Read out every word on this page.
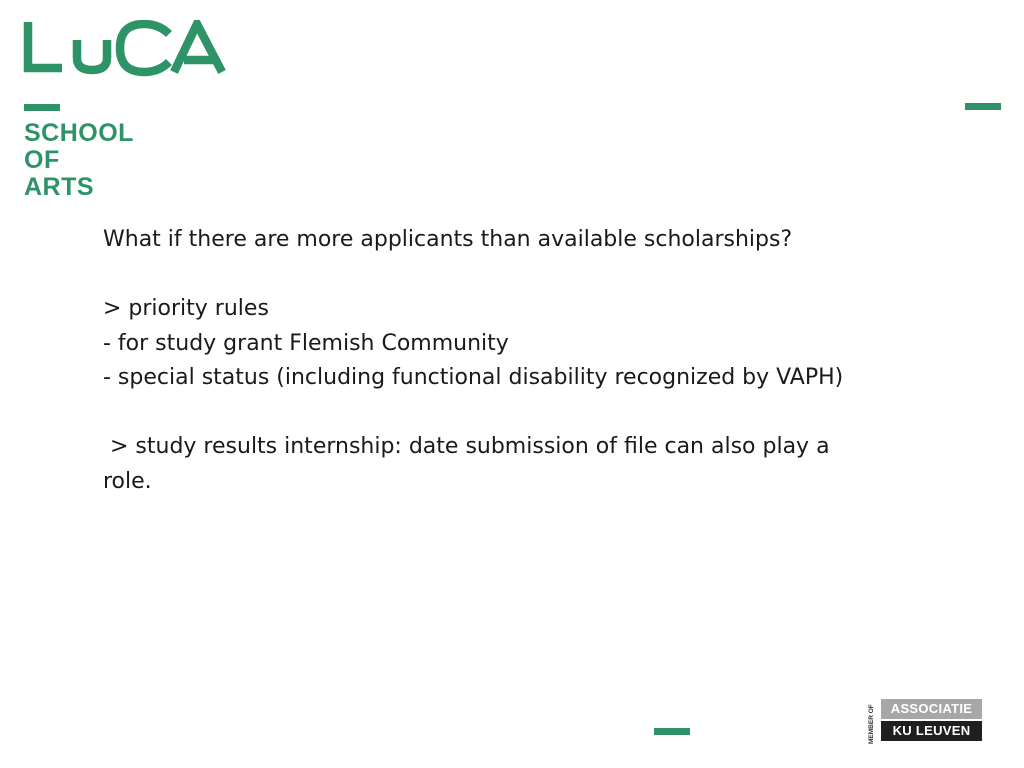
SCHOOL
OF
ARTS

What if there are more applicants than available scholarships?

> priority rules

- for study grant Flemish Community

- special status (including functional disability recognized by VAPH)

> study results internship: date submission of file can also play a role.

MEMBER OF	ASSOCIATIE
KU LEUVEN
